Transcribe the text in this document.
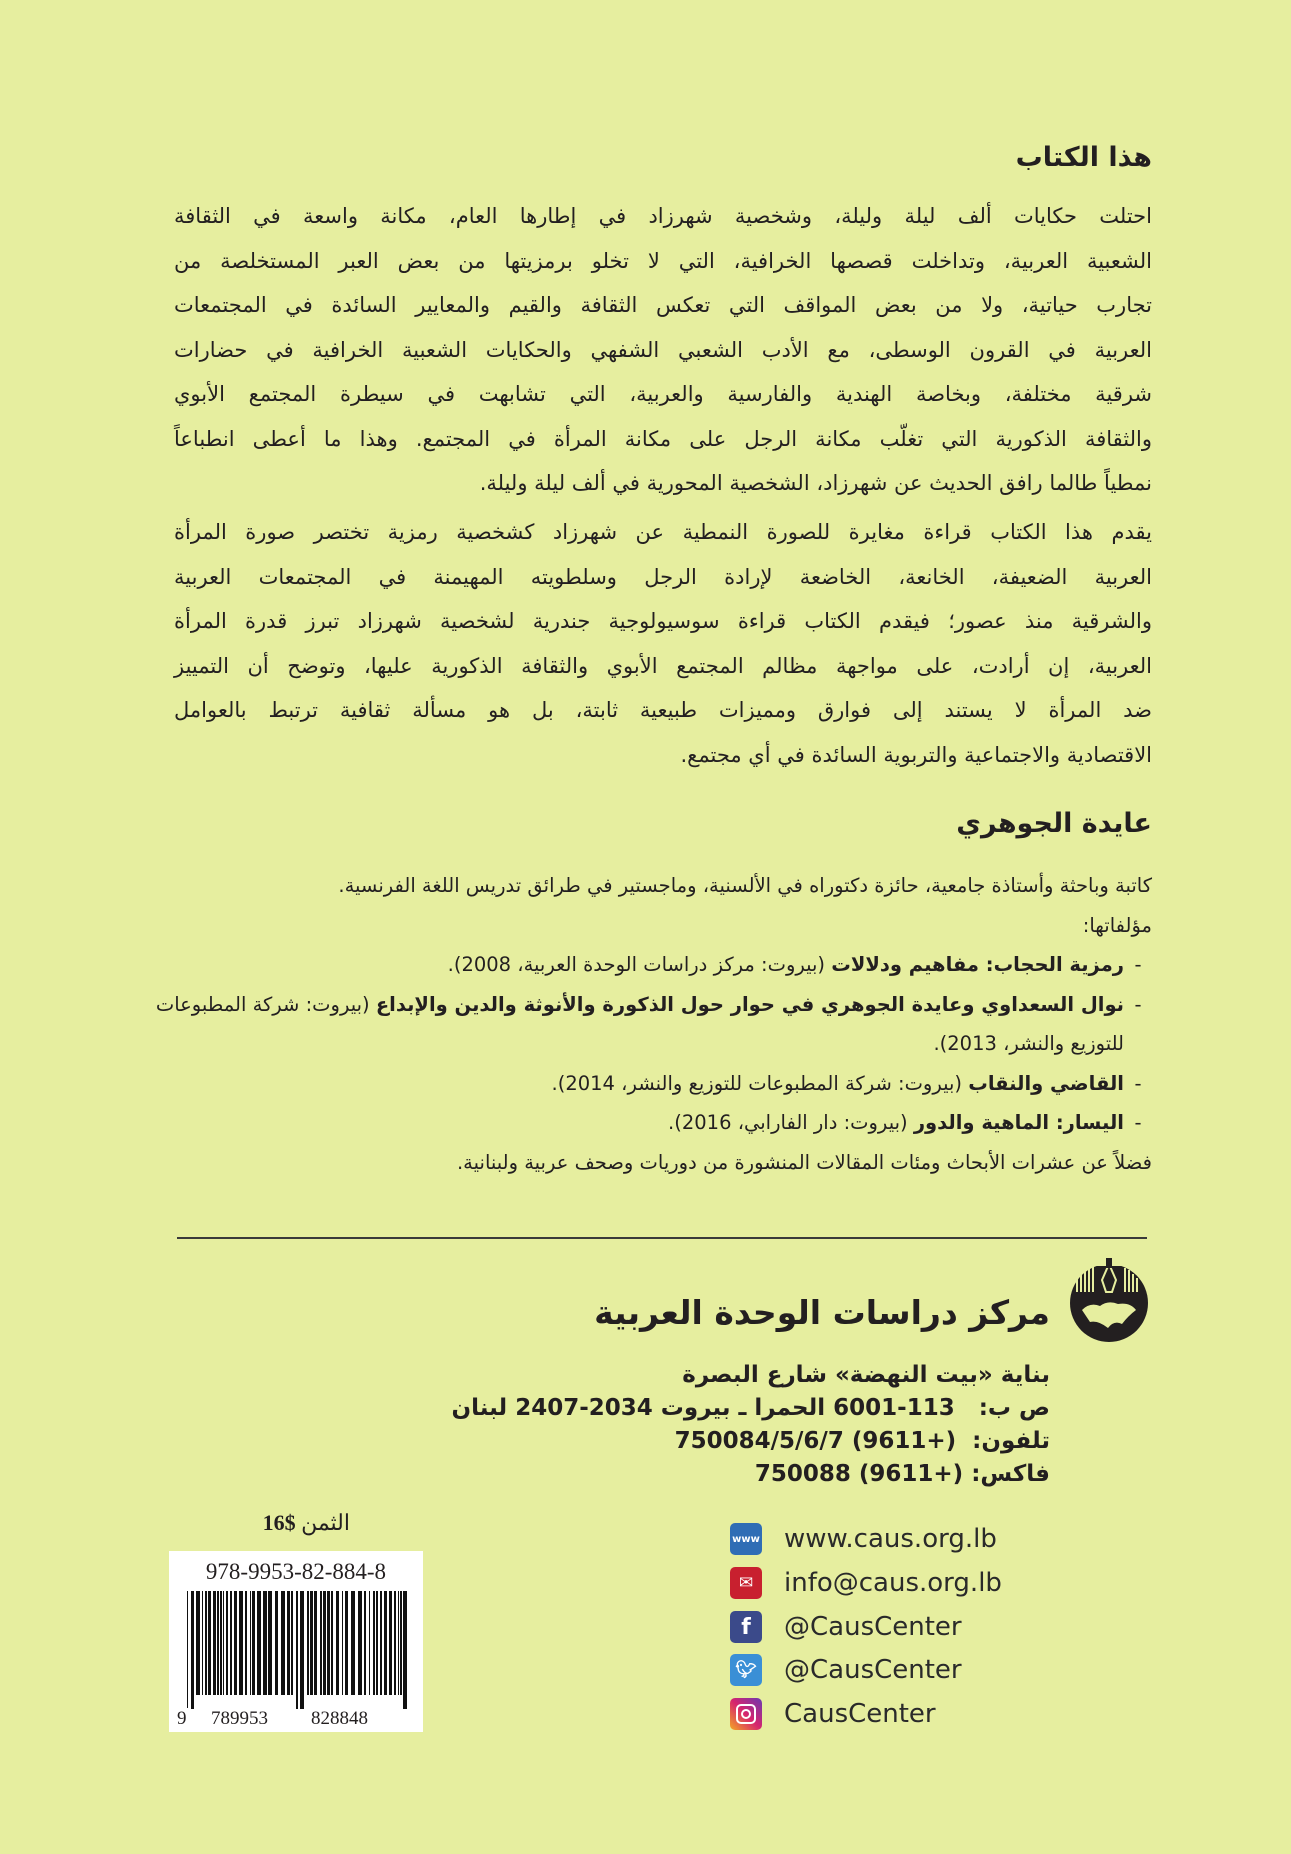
هذا الكتاب
احتلت حكايات ألف ليلة وليلة، وشخصية شهرزاد في إطارها العام، مكانة واسعة في الثقافة
الشعبية العربية، وتداخلت قصصها الخرافية، التي لا تخلو برمزيتها من بعض العبر المستخلصة من
تجارب حياتية، ولا من بعض المواقف التي تعكس الثقافة والقيم والمعايير السائدة في المجتمعات
العربية في القرون الوسطى، مع الأدب الشعبي الشفهي والحكايات الشعبية الخرافية في حضارات
شرقية مختلفة، وبخاصة الهندية والفارسية والعربية، التي تشابهت في سيطرة المجتمع الأبوي
والثقافة الذكورية التي تغلّب مكانة الرجل على مكانة المرأة في المجتمع. وهذا ما أعطى انطباعاً
نمطياً طالما رافق الحديث عن شهرزاد، الشخصية المحورية في ألف ليلة وليلة.
يقدم هذا الكتاب قراءة مغايرة للصورة النمطية عن شهرزاد كشخصية رمزية تختصر صورة المرأة
العربية الضعيفة، الخانعة، الخاضعة لإرادة الرجل وسلطويته المهيمنة في المجتمعات العربية
والشرقية منذ عصور؛ فيقدم الكتاب قراءة سوسيولوجية جندرية لشخصية شهرزاد تبرز قدرة المرأة
العربية، إن أرادت، على مواجهة مظالم المجتمع الأبوي والثقافة الذكورية عليها، وتوضح أن التمييز
ضد المرأة لا يستند إلى فوارق ومميزات طبيعية ثابتة، بل هو مسألة ثقافية ترتبط بالعوامل
الاقتصادية والاجتماعية والتربوية السائدة في أي مجتمع.
عايدة الجوهري
كاتبة وباحثة وأستاذة جامعية، حائزة دكتوراه في الألسنية، وماجستير في طرائق تدريس اللغة الفرنسية.
مؤلفاتها:
-رمزية الحجاب: مفاهيم ودلالات (بيروت: مركز دراسات الوحدة العربية، 2008).
-نوال السعداوي وعايدة الجوهري في حوار حول الذكورة والأنوثة والدين والإبداع (بيروت: شركة المطبوعات
للتوزيع والنشر، 2013).
-القاضي والنقاب (بيروت: شركة المطبوعات للتوزيع والنشر، 2014).
-اليسار: الماهية والدور (بيروت: دار الفارابي، 2016).
فضلاً عن عشرات الأبحاث ومئات المقالات المنشورة من دوريات وصحف عربية ولبنانية.
مركز دراسات الوحدة العربية
بناية «بيت النهضة» شارع البصرة
ص ب:   113-6001 الحمرا ـ بيروت 2034-2407 لبنان
تلفون:  750084/5/6/7 (9611+)
فاكس: 750088 (9611+)
www www.caus.org.lb
✉	info@caus.org.lb
f	@CausCenter
🐦︎ @CausCenter
CausCenter
الثمن $16
978-9953-82-884-8
9 789953 828848
